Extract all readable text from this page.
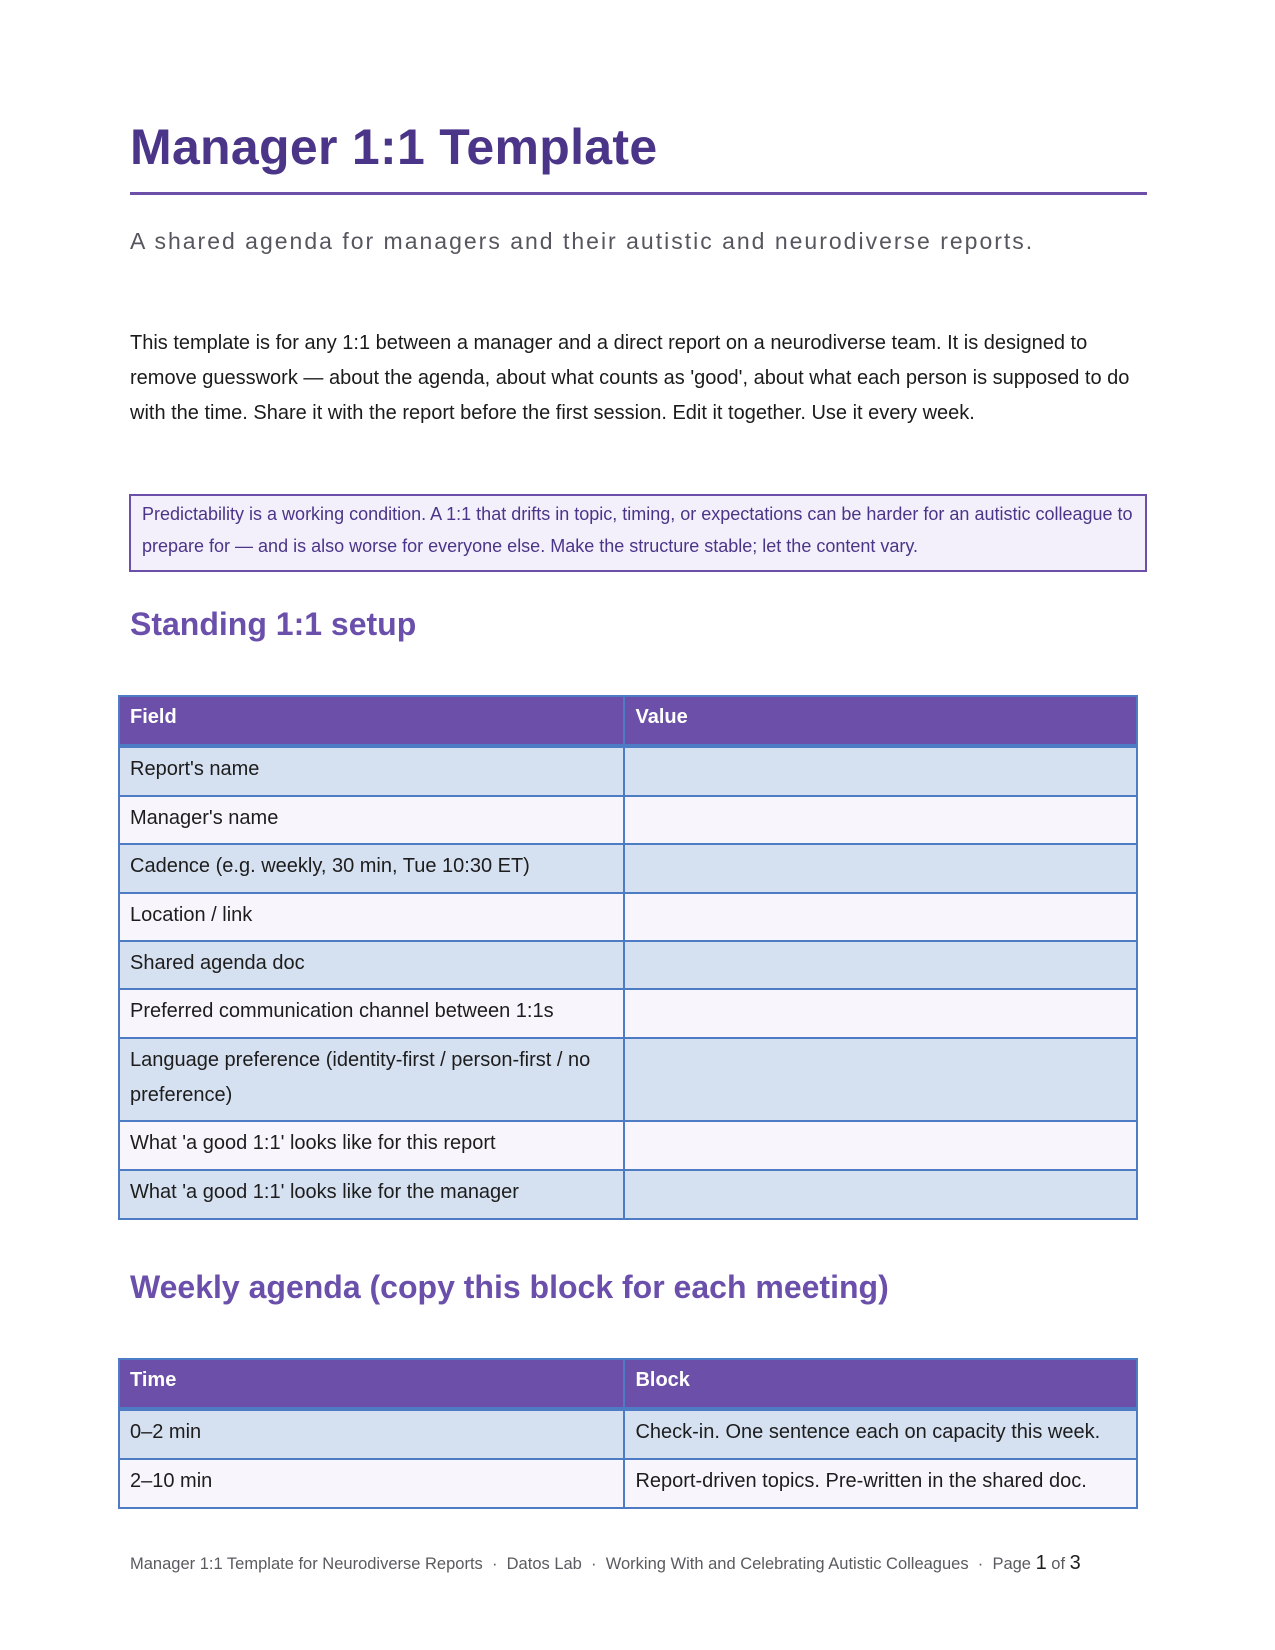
Manager 1:1 Template
A shared agenda for managers and their autistic and neurodiverse reports.
This template is for any 1:1 between a manager and a direct report on a neurodiverse team. It is designed to remove guesswork — about the agenda, about what counts as 'good', about what each person is supposed to do with the time. Share it with the report before the first session. Edit it together. Use it every week.
Predictability is a working condition. A 1:1 that drifts in topic, timing, or expectations can be harder for an autistic colleague to prepare for — and is also worse for everyone else. Make the structure stable; let the content vary.
Standing 1:1 setup
Field	Value
Report's name	
Manager's name	
Cadence (e.g. weekly, 30 min, Tue 10:30 ET)	
Location / link	
Shared agenda doc	
Preferred communication channel between 1:1s	
Language preference (identity-first / person-first / no preference)	
What 'a good 1:1' looks like for this report	
What 'a good 1:1' looks like for the manager	
Weekly agenda (copy this block for each meeting)
Time	Block
0–2 min	Check-in. One sentence each on capacity this week.
2–10 min	Report-driven topics. Pre-written in the shared doc.
Manager 1:1 Template for Neurodiverse Reports · Datos Lab · Working With and Celebrating Autistic Colleagues · Page 1 of 3
